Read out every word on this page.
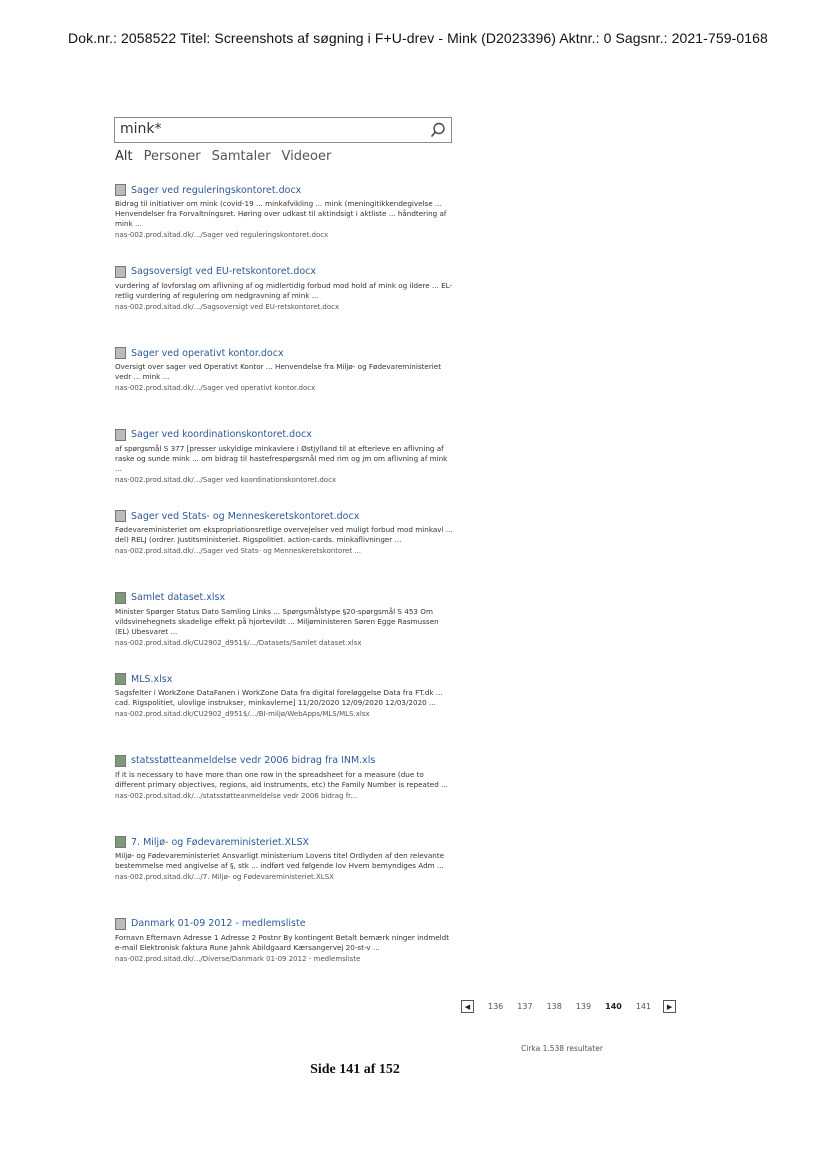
Dok.nr.: 2058522 Titel: Screenshots af søgning i F+U-drev - Mink (D2023396) Aktnr.: 0 Sagsnr.: 2021-759-0168
mink*
Alt Personer Samtaler Videoer
Sager ved reguleringskontoret.docx
Bidrag til initiativer om mink (covid-19 ... minkafvikling ... mink (meningitikkendegivelse ... Henvendelser fra Forvaltningsret. Høring over udkast til aktindsigt i aktliste ... håndtering af mink ...
nas-002.prod.sitad.dk/.../Sager ved reguleringskontoret.docx
Sagsoversigt ved EU-retskontoret.docx
vurdering af lovforslag om aflivning af og midlertidig forbud mod hold af mink og ildere ... EL-retlig vurdering af regulering om nedgravning af mink ...
nas-002.prod.sitad.dk/.../Sagsoversigt ved EU-retskontoret.docx
Sager ved operativt kontor.docx
Oversigt over sager ved Operativt Kontor ... Henvendelse fra Miljø- og Fødevareministeriet vedr ... mink ...
nas-002.prod.sitad.dk/.../Sager ved operativt kontor.docx
Sager ved koordinationskontoret.docx
af spørgsmål S 377 [presser uskyldige minkavlere i Østjylland til at efterleve en aflivning af raske og sunde mink ... om bidrag til hastefrespørgsmål med rim og jm om aflivning af mink ...
nas-002.prod.sitad.dk/.../Sager ved koordinationskontoret.docx
Sager ved Stats- og Menneskeretskontoret.docx
Fødevareministeriet om ekspropriationsretlige overvejelser ved muligt forbud mod minkavl ... del) RELJ (ordrer. Justitsministeriet. Rigspolitiet. action-cards. minkaflivninger ...
nas-002.prod.sitad.dk/.../Sager ved Stats- og Menneskeretskontoret ...
Samlet dataset.xlsx
Minister Spørger Status Dato Samling Links ... Spørgsmålstype §20-spørgsmål S 453 Om vildsvinehegnets skadelige effekt på hjortevildt ... Miljøministeren Søren Egge Rasmussen (EL) Ubesvaret ...
nas-002.prod.sitad.dk/CU2902_d951$/.../Datasets/Samlet dataset.xlsx
MLS.xlsx
Sagsfelter i WorkZone DataFanen i WorkZone Data fra digital foreløggelse Data fra FT.dk ... cad. Rigspolitiet, ulovlige instrukser, minkavlerne] 11/20/2020 12/09/2020 12/03/2020 ...
nas-002.prod.sitad.dk/CU2902_d951$/.../BI-miljø/WebApps/MLS/MLS.xlsx
statsstøtteanmeldelse vedr 2006 bidrag fra INM.xls
If it is necessary to have more than one row in the spreadsheet for a measure (due to different primary objectives, regions, aid instruments, etc) the Family Number is repeated ...
nas-002.prod.sitad.dk/.../statsstøtteanmeldelse vedr 2006 bidrag fr...
7. Miljø- og Fødevareministeriet.XLSX
Miljø- og Fødevareministeriet Ansvarligt ministerium Lovens titel Ordlyden af den relevante bestemmelse med angivelse af §, stk ... indført ved følgende lov Hvem bemyndiges Adm ...
nas-002.prod.sitad.dk/.../7. Miljø- og Fødevareministeriet.XLSX
Danmark 01-09 2012 - medlemsliste
Fornavn Efternavn Adresse 1 Adresse 2 Postnr By kontingent Betalt bemærk ninger indmeldt e-mail Elektronisk faktura Rune Jahnk Abildgaard Kærsangervej 20-st-v ...
nas-002.prod.sitad.dk/.../Diverse/Danmark 01-09 2012 - medlemsliste
◀	136 137 138 139 140 141	▶
Cirka 1.538 resultater
Side 141 af 152
